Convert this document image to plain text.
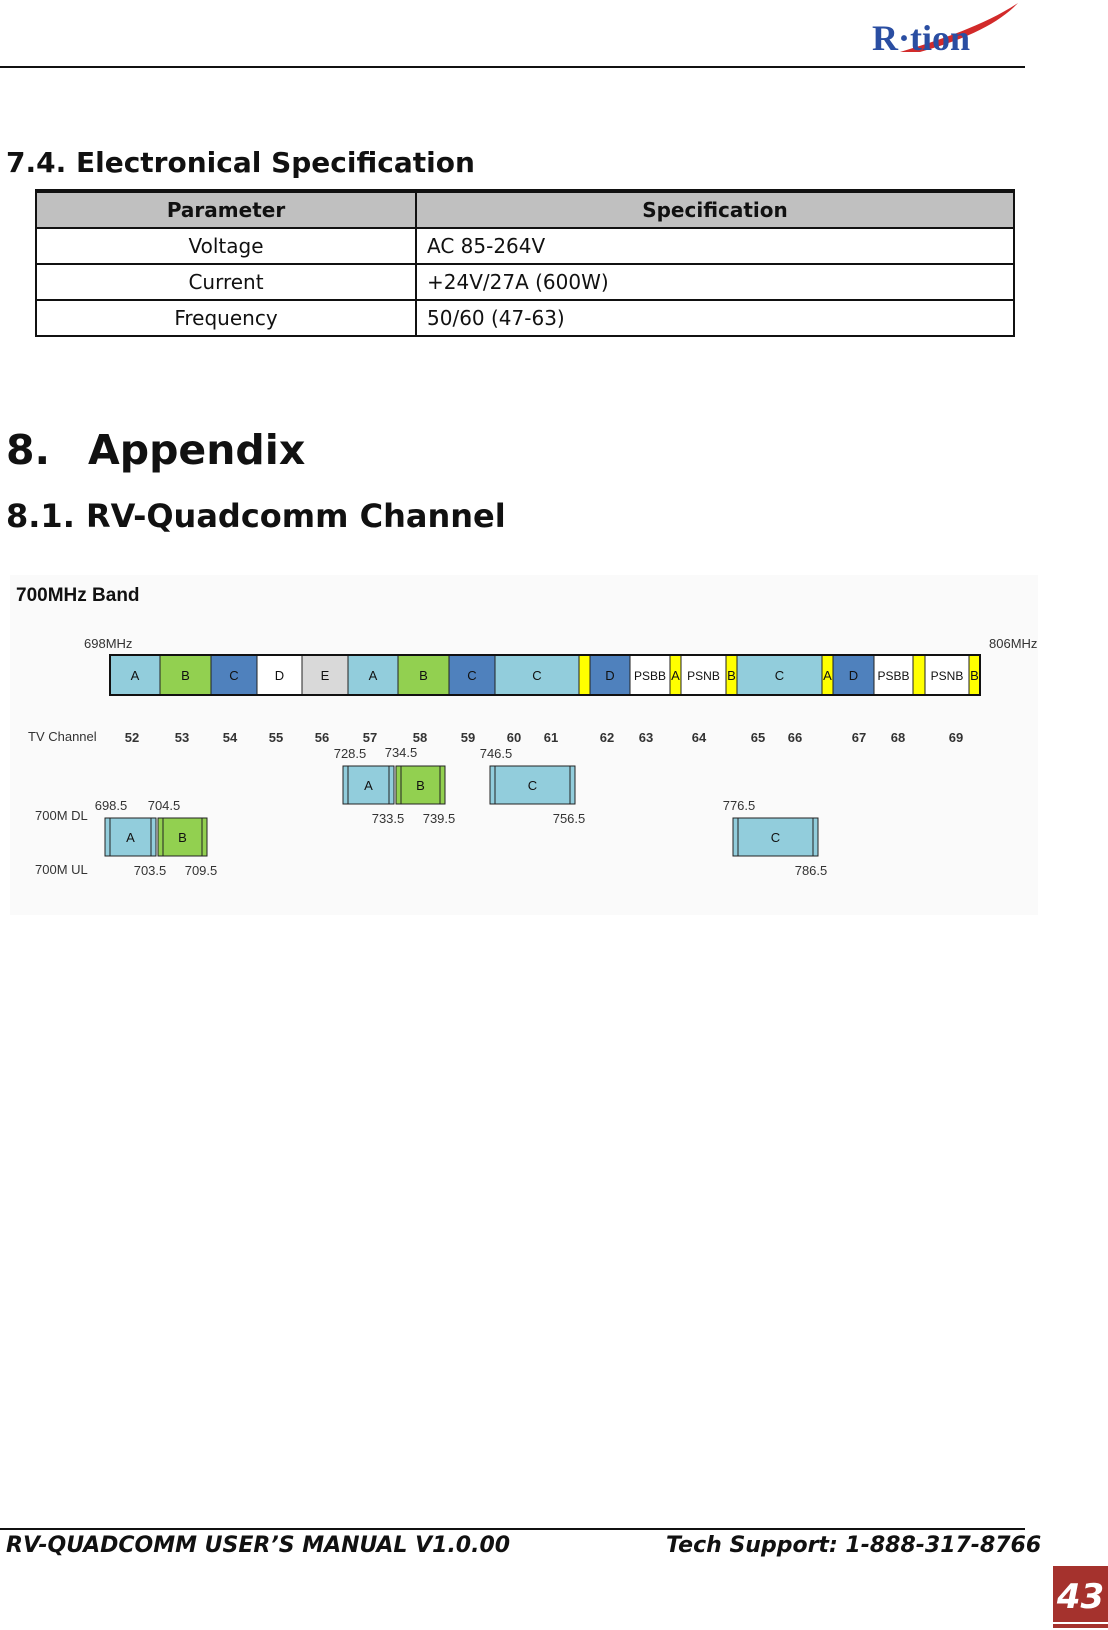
R·tion
7.4. Electronical Specification
Parameter	Specification
Voltage	AC 85-264V
Current	+24V/27A (600W)
Frequency	50/60 (47-63)
8. Appendix
8.1. RV-Quadcomm Channel
700MHz Band
698MHz	806MHz
TV Channel
A	B	C	D	E	A	B	C	C	D PSBB A PSNB B	C	A D PSBB PSNB B
52	53	54 55 56	57	58	59 60 61	62 63	64	65 66	67 68	69
700M DL
700M UL
A
728.5
733.5
B
734.5
739.5
C
746.5
756.5
A
698.5
703.5
B
704.5
709.5
C
776.5
786.5

RV-QUADCOMM USER’S MANUAL V1.0.00	Tech Support: 1-888-317-8766

43
